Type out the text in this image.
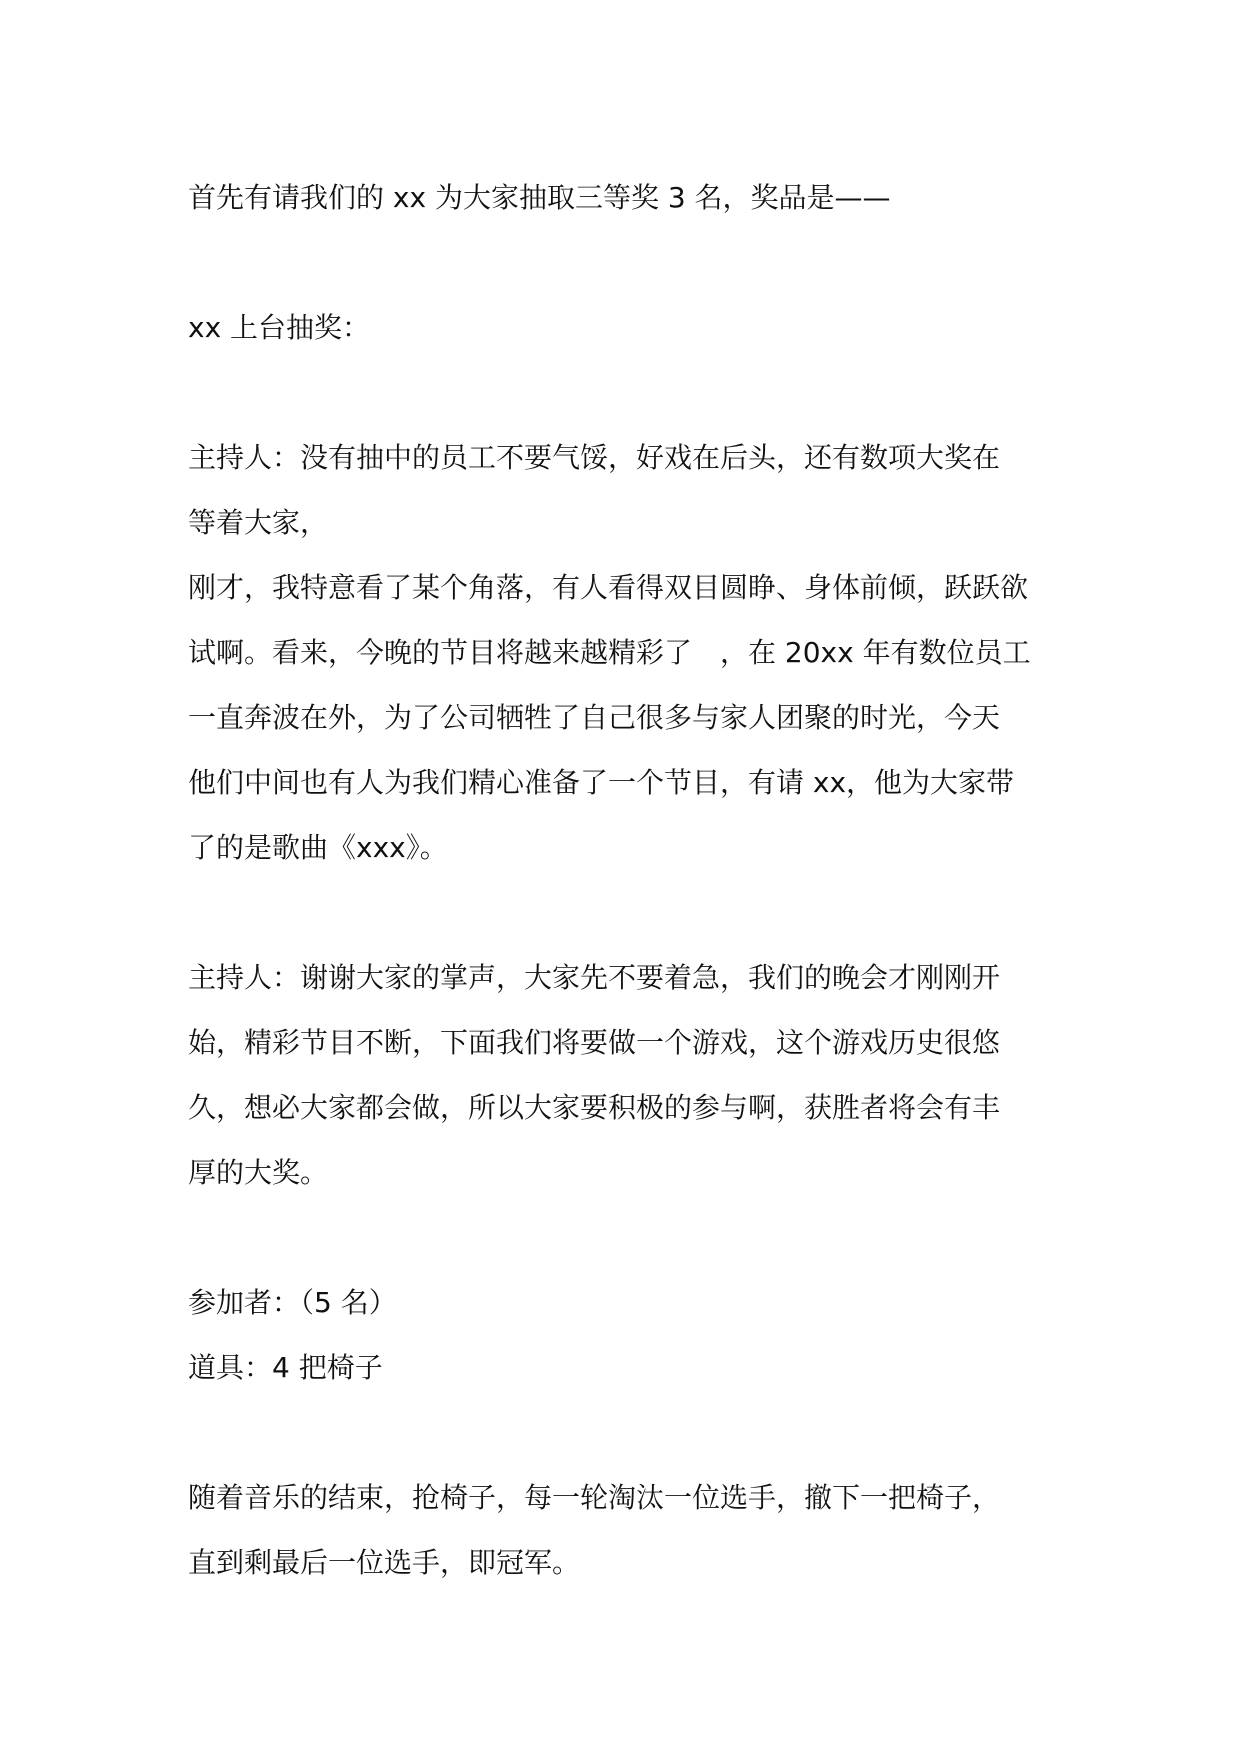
首先有请我们的 xx 为大家抽取三等奖 3 名，奖品是——

xx 上台抽奖：

主持人：没有抽中的员工不要气馁，好戏在后头，还有数项大奖在
等着大家，
刚才，我特意看了某个角落，有人看得双目圆睁、身体前倾，跃跃欲
试啊。看来，今晚的节目将越来越精彩了　，在 20xx 年有数位员工
一直奔波在外，为了公司牺牲了自己很多与家人团聚的时光，今天
他们中间也有人为我们精心准备了一个节目，有请 xx，他为大家带
了的是歌曲《xxx》。

主持人：谢谢大家的掌声，大家先不要着急，我们的晚会才刚刚开
始，精彩节目不断，下面我们将要做一个游戏，这个游戏历史很悠
久，想必大家都会做，所以大家要积极的参与啊，获胜者将会有丰
厚的大奖。

参加者：（5 名）
道具：4 把椅子

随着音乐的结束，抢椅子，每一轮淘汰一位选手，撤下一把椅子，
直到剩最后一位选手，即冠军。
